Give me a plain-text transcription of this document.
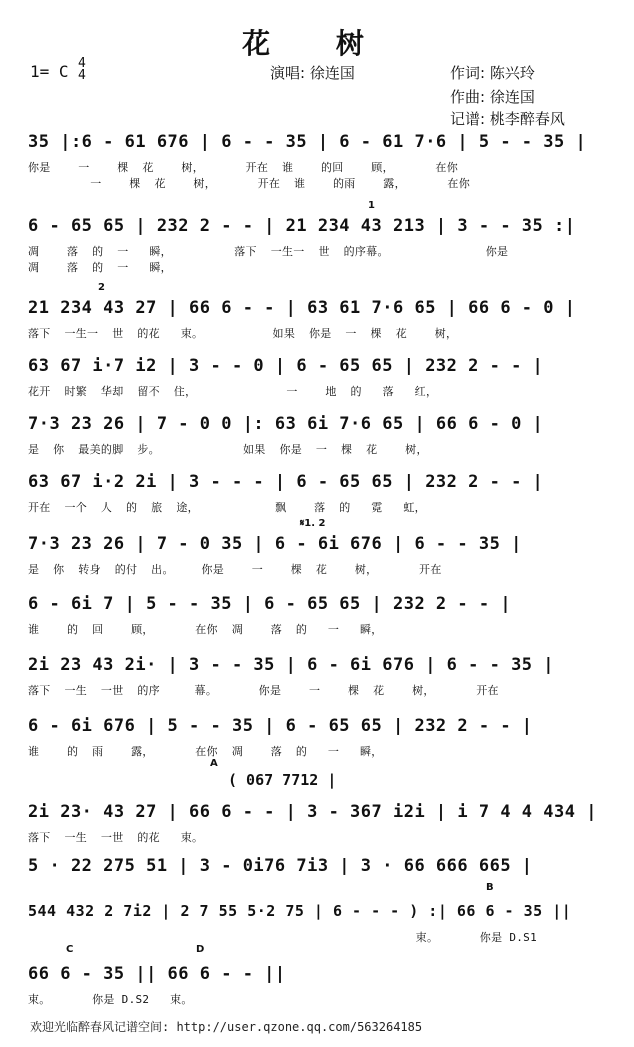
花 树
1= C 4
4	演唱: 徐连国	作词: 陈兴玲
作曲: 徐连国
记谱: 桃李醉春风
35 |:6 - 61 676 | 6 - - 35 | 6 - 61 7·6 | 5 - - 35 |
你是    一    棵  花    树，      开在  谁    的回    顾，      在你
一    棵  花    树，      开在  谁    的雨    露，      在你
1
6 - 65 65 | 232 2 - - | 21 234 43 213 | 3 - - 35 :|
凋    落  的  一   瞬，         落下  一生一  世  的序幕。              你是
凋    落  的  一   瞬，
2
21 234 43 27 | 66 6 - - | 63 61 7·6 65 | 66 6 - 0 |
落下  一生一  世  的花   束。          如果  你是  一  棵  花    树，
63 67 i·7 i2 | 3 - - 0 | 6 - 65 65 | 232 2 - - |
花开  时繁  华却  留不  住，             一    地  的   落   红，
7·3 23 26 | 7 - 0 0 |: 63 6i 7·6 65 | 66 6 - 0 |
是  你  最美的脚  步。            如果  你是  一  棵  花    树，
63 67 i·2 2i | 3 - - - | 6 - 65 65 | 232 2 - - |
开在  一个  人  的  旅  途，           飘    落  的   霓   虹，
𝄋1. 2
7·3 23 26 | 7 - 0 35 | 6 - 6i 676 | 6 - - 35 |
是  你  转身  的付  出。    你是    一    棵  花    树，      开在
6 - 6i 7 | 5 - - 35 | 6 - 65 65 | 232 2 - - |
谁    的  回    顾，      在你  凋    落  的   一   瞬，
2i 23 43 2i· | 3 - - 35 | 6 - 6i 676 | 6 - - 35 |
落下  一生  一世  的序     幕。      你是    一    棵  花    树，      开在
6 - 6i 676 | 5 - - 35 | 6 - 65 65 | 232 2 - - |
谁    的  雨    露，      在你  凋    落  的   一   瞬，
A
( 067 7712 |
2i 23· 43 27 | 66 6 - - | 3 - 367 i2i | i 7 4 4 434 |
落下  一生  一世  的花   束。
5 · 22 275 51 | 3 - 0i76 7i3 | 3 · 66 666 665 |
B
544 432 2 7i2 | 2 7 55 5·2 75 | 6 - - - ) :| 66 6 - 35 ||
束。      你是 D.S1
C	D
66 6 - 35 || 66 6 - - ||
束。      你是 D.S2   束。
欢迎光临醉春风记谱空间: http://user.qzone.qq.com/563264185
